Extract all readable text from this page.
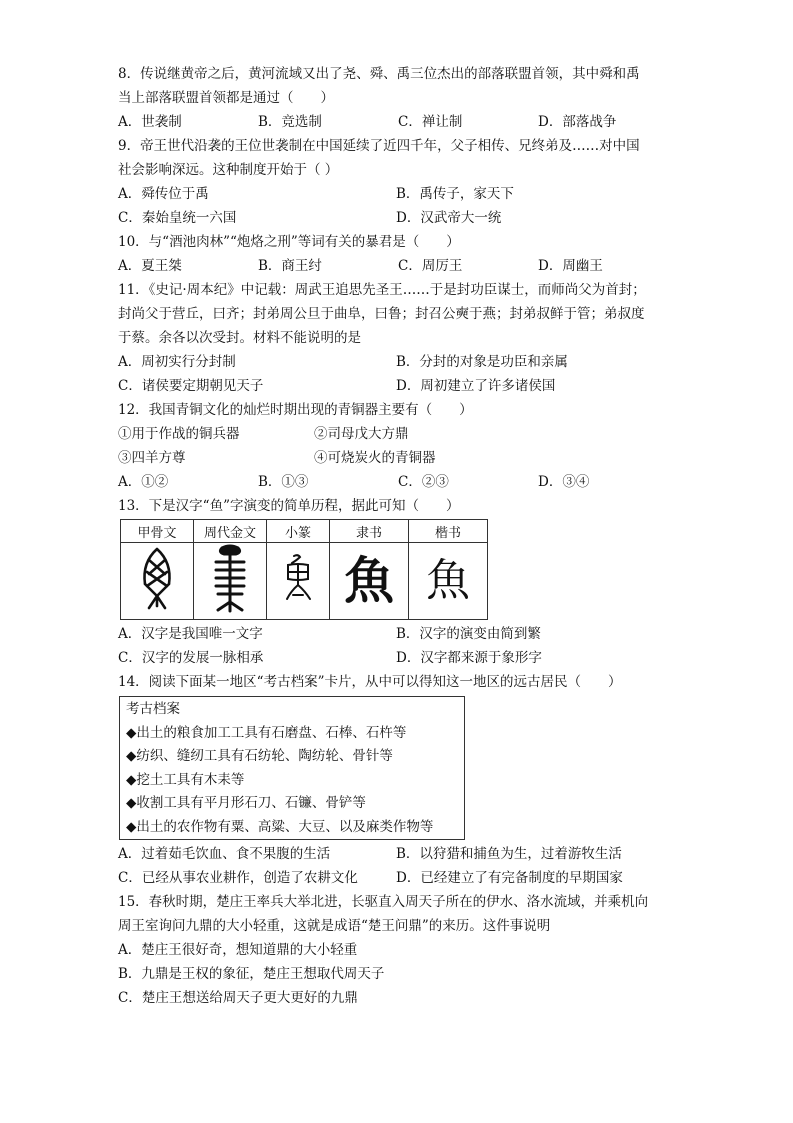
8．传说继黄帝之后，黄河流域又出了尧、舜、禹三位杰出的部落联盟首领，其中舜和禹
当上部落联盟首领都是通过（　　）
A．世袭制	B．竞选制	C．禅让制	D．部落战争
9．帝王世代沿袭的王位世袭制在中国延续了近四千年，父子相传、兄终弟及……对中国
社会影响深远。这种制度开始于（ ）
A．舜传位于禹	B．禹传子，家天下
C．秦始皇统一六国	D．汉武帝大一统
10．与“酒池肉林”“炮烙之刑”等词有关的暴君是（　　）
A．夏王桀	B．商王纣	C．周厉王	D．周幽王
11．《史记·周本纪》中记载：周武王追思先圣王……于是封功臣谋士，而师尚父为首封；
封尚父于营丘，曰齐；封弟周公旦于曲阜，曰鲁；封召公奭于燕；封弟叔鲜于管；弟叔度
于蔡。余各以次受封。材料不能说明的是
A．周初实行分封制	B．分封的对象是功臣和亲属
C．诸侯要定期朝见天子	D．周初建立了许多诸侯国
12．我国青铜文化的灿烂时期出现的青铜器主要有（　　）
①用于作战的铜兵器	②司母戊大方鼎
③四羊方尊	④可烧炭火的青铜器
A．①②	B．①③	C．②③	D．③④
13．下是汉字“鱼”字演变的简单历程，据此可知（　　）
甲骨文	周代金文	小篆	隶书	楷书
			魚	魚
A．汉字是我国唯一文字	B．汉字的演变由简到繁
C．汉字的发展一脉相承	D．汉字都来源于象形字
14．阅读下面某一地区“考古档案”卡片，从中可以得知这一地区的远古居民（　　）
考古档案
◆出土的粮食加工工具有石磨盘、石棒、石杵等
◆纺织、缝纫工具有石纺轮、陶纺轮、骨针等
◆挖土工具有木耒等
◆收割工具有平月形石刀、石镰、骨铲等
◆出土的农作物有粟、高粱、大豆、以及麻类作物等
A．过着茹毛饮血、食不果腹的生活	B．以狩猎和捕鱼为生，过着游牧生活
C．已经从事农业耕作，创造了农耕文化	D．已经建立了有完备制度的早期国家
15．春秋时期，楚庄王率兵大举北进，长驱直入周天子所在的伊水、洛水流域，并乘机向
周王室询问九鼎的大小轻重，这就是成语“楚王问鼎”的来历。这件事说明
A．楚庄王很好奇，想知道鼎的大小轻重
B．九鼎是王权的象征，楚庄王想取代周天子
C．楚庄王想送给周天子更大更好的九鼎
